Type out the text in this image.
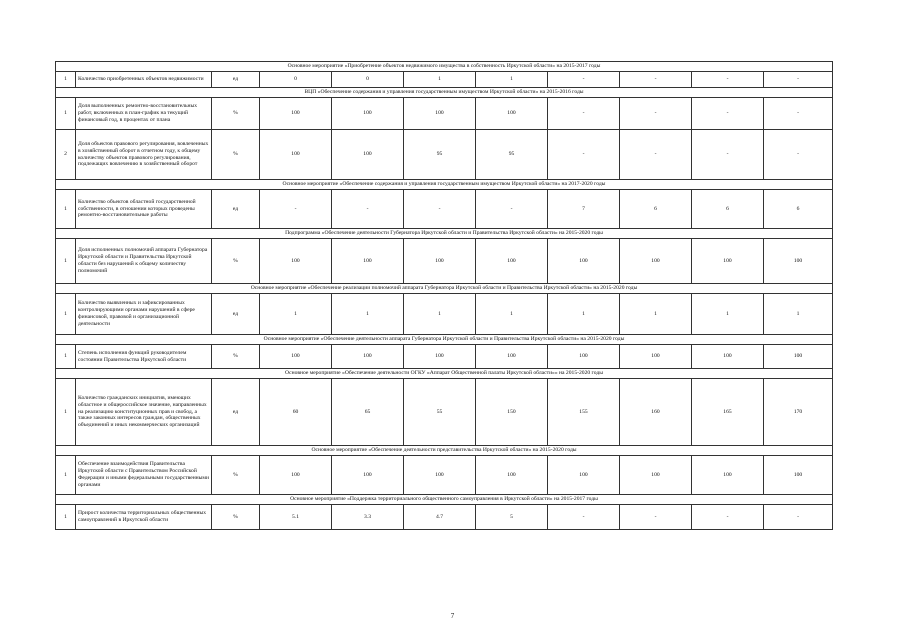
Основное мероприятие «Приобретение объектов недвижимого имущества в собственность Иркутской области» на 2015-2017 годы										
1	Количество приобретенных объектов недвижимости	ед	0	0	1	1	-	-	-	-
ВЦП «Обеспечение содержания и управления государственным имуществом Иркутской области» на 2015-2016 годы										
1	Доля выполненных ремонтно-восстановительных работ, включенных в план-график на текущий финансовый год, в процентах от плана	%	100	100	100	100	-	-	-	-
2	Доля объектов правового регулирования, вовлеченных в хозяйственный оборот в отчетном году, к общему количеству объектов правового регулирования, подлежащих вовлечению в хозяйственный оборот	%	100	100	95	95	-	-	-	-
Основное мероприятие «Обеспечение содержания и управления государственным имуществом Иркутской области» на 2017-2020 годы										
1	Количество объектов областной государственной собственности, в отношении которых проведены ремонтно-восстановительные работы	ед	-	-	-	-	7	6	6	6
Подпрограмма «Обеспечение деятельности Губернатора Иркутской области и Правительства Иркутской области» на 2015-2020 годы										
1	Доля исполненных полномочий аппарата Губернатора Иркутской области и Правительства Иркутской области без нарушений к общему количеству полномочий	%	100	100	100	100	100	100	100	100
Основное мероприятие «Обеспечение реализации полномочий аппарата Губернатора Иркутской области и Правительства Иркутской области» на 2015-2020 годы										
1	Количество выявленных и зафиксированных контролирующими органами нарушений в сфере финансовой, правовой и организационной деятельности	ед	1	1	1	1	1	1	1	1
Основное мероприятие «Обеспечение деятельности аппарата Губернатора Иркутской области и Правительства Иркутской области» на 2015-2020 годы										
1	Степень исполнения функций руководителем состоянии Правительства Иркутской области	%	100	100	100	100	100	100	100	100
Основное мероприятие «Обеспечение деятельности ОГКУ «Аппарат Общественной палаты Иркутской области»» на 2015-2020 годы										
1	Количество гражданских инициатив, имеющих областное и общероссийское значение, направленных на реализацию конституционных прав и свобод, а также законных интересов граждан, общественных объединений и иных некоммерческих организаций	ед	60	65	55	150	155	160	165	170
Основное мероприятие «Обеспечение деятельности представительства Иркутской области» на 2015-2020 годы										
1	Обеспечение взаимодействия Правительства Иркутской области с Правительством Российской Федерации и иными федеральными государственными органами	%	100	100	100	100	100	100	100	100
Основное мероприятие «Поддержка территориального общественного самоуправления в Иркутской области» на 2015-2017 годы										
1	Прирост количества территориальных общественных самоуправлений в Иркутской области	%	5.1	3.3	4.7	5	-	-	-	-
7
